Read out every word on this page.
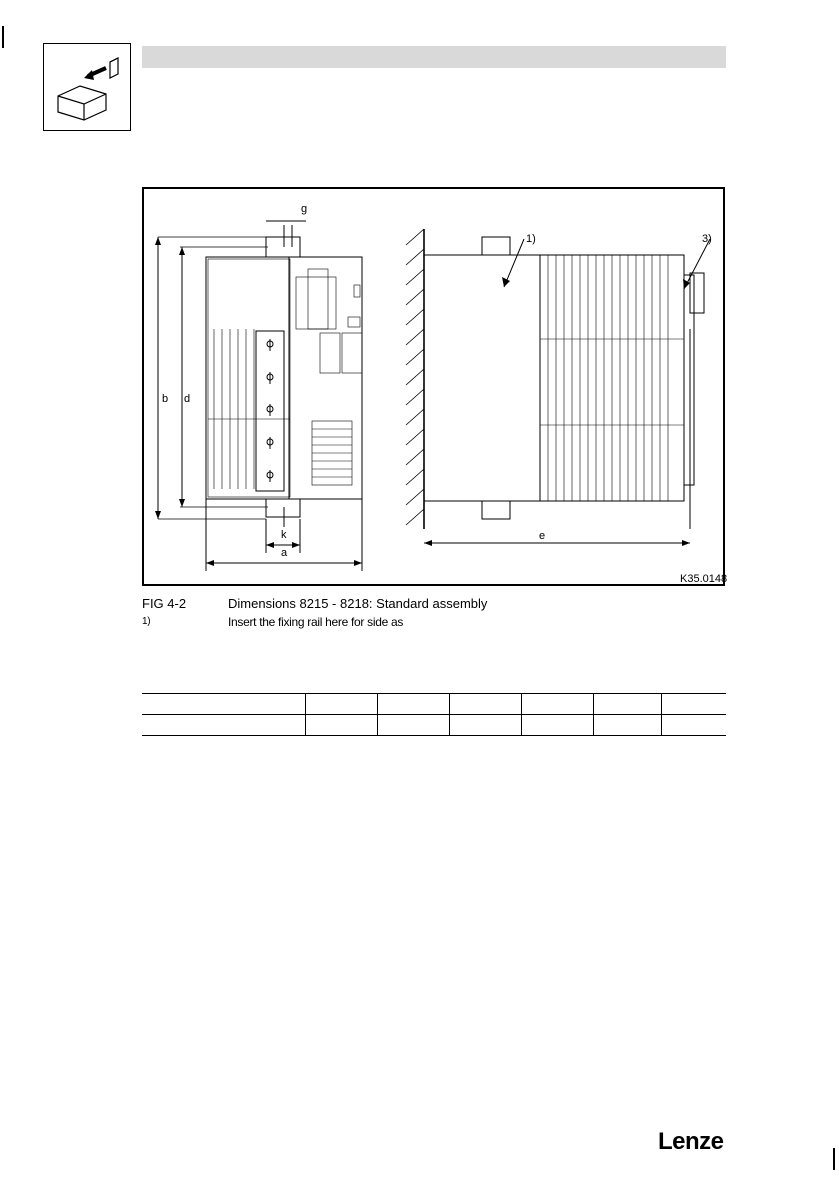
g
b d
k
a
e
1)	3)
K35.0148
FIG 4-2	Dimensions 8215 - 8218: Standard assembly
1)	Insert the fixing rail here for side as

Lenze
